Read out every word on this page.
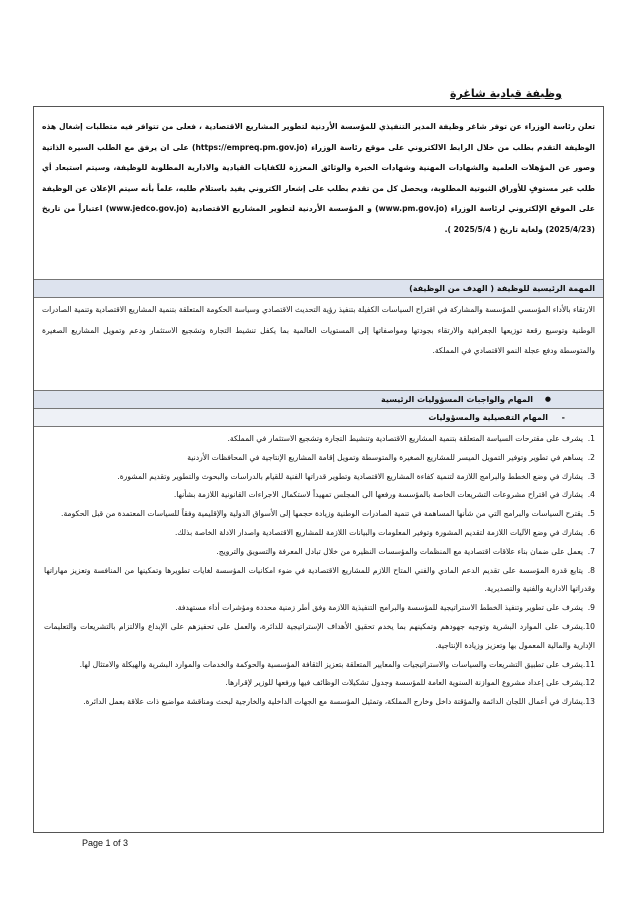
وظيفة قيادية شاغرة
تعلن رئاسة الوزراء عن توفر شاغر وظيفة المدير التنفيذي للمؤسسة الأردنية لتطوير المشاريع الاقتصادية ، فعلى من تتوافر فيه متطلبات إشغال هذه الوظيفة التقدم بطلب من خلال الرابط الالكتروني على موقع رئاسة الوزراء (https://empreq.pm.gov.jo) على ان يرفق مع الطلب السيرة الذاتية وصور عن المؤهلات العلمية والشهادات المهنية وشهادات الخبرة والوثائق المعززة للكفايات القيادية والادارية المطلوبة للوظيفة، وسيتم استبعاد أي طلب غير مستوفٍ للأوراق الثبوتية المطلوبة، ويحصل كل من تقدم بطلب على إشعار الكتروني يفيد باستلام طلبه، علماً بأنه سيتم الإعلان عن الوظيفة على الموقع الإلكتروني لرئاسة الوزراء (www.pm.gov.jo) و المؤسسة الأردنية لتطوير المشاريع الاقتصادية (www.jedco.gov.jo) اعتباراً من تاريخ (2025/4/23) ولغاية تاريخ ( 2025/5/4 ).
المهمة الرئيسية للوظيفة ( الهدف من الوظيفة)
الارتقاء بالأداء المؤسسي للمؤسسة والمشاركة في اقتراح السياسات الكفيلة بتنفيذ رؤية التحديث الاقتصادي وسياسة الحكومة المتعلقة بتنمية المشاريع الاقتصادية وتنمية الصادرات الوطنية وتوسيع رقعة توزيعها الجغرافية والارتقاء بجودتها ومواصفاتها إلى المستويات العالمية بما يكفل تنشيط التجارة وتشجيع الاستثمار ودعم وتمويل المشاريع الصغيرة والمتوسطة ودفع عجلة النمو الاقتصادي في المملكة.
● المهام والواجبات المسؤوليات الرئيسية
- المهام التفصيلية والمسؤوليات
1.يشرف على مقترحات السياسة المتعلقة بتنمية المشاريع الاقتصادية وتنشيط التجارة وتشجيع الاستثمار في المملكة.
2.يساهم في تطوير وتوفير التمويل الميسر للمشاريع الصغيرة والمتوسطة وتمويل إقامة المشاريع الإنتاجية في المحافظات الأردنية
3.يشارك في وضع الخطط والبرامج اللازمة لتنمية كفاءة المشاريع الاقتصادية وتطوير قدراتها الفنية للقيام بالدراسات والبحوث والتطوير وتقديم المشورة.
4.يشارك في اقتراح مشروعات التشريعات الخاصة بالمؤسسة ورفعها الى المجلس تمهيداً لاستكمال الاجراءات القانونية اللازمة بشأنها.
5.يقترح السياسات والبرامج التي من شأنها المساهمة في تنمية الصادرات الوطنية وزيادة حجمها إلى الأسواق الدولية والإقليمية وفقاً للسياسات المعتمدة من قبل الحكومة.
6.يشارك في وضع الآليات اللازمة لتقديم المشورة وتوفير المعلومات والبيانات اللازمة للمشاريع الاقتصادية واصدار الادلة الخاصة بذلك.
7.يعمل على ضمان بناء علاقات اقتصادية مع المنظمات والمؤسسات النظيرة من خلال تبادل المعرفة والتسويق والترويج.
8.يتابع قدرة المؤسسة على تقديم الدعم المادي والفني المتاح اللازم للمشاريع الاقتصادية في ضوء امكانيات المؤسسة لغايات تطويرها وتمكينها من المنافسة وتعزيز مهاراتها وقدراتها الادارية والفنية والتصديرية.
9.يشرف على تطوير وتنفيذ الخطط الاستراتيجية للمؤسسة والبرامج التنفيذية اللازمة وفق أطر زمنية محددة ومؤشرات أداء مستهدفة.
10.يشرف على الموارد البشرية وتوجيه جهودهم وتمكينهم بما يخدم تحقيق الأهداف الإستراتيجية للدائرة، والعمل على تحفيزهم على الإبداع والالتزام بالتشريعات والتعليمات الإدارية والمالية المعمول بها وتعزيز وزيادة الإنتاجية.
11.يشرف على تطبيق التشريعات والسياسات والاستراتيجيات والمعايير المتعلقة بتعزيز الثقافة المؤسسية والحوكمة والخدمات والموارد البشرية والهيكلة والامتثال لها.
12.يشرف على إعداد مشروع الموازنة السنوية العامة للمؤسسة وجدول تشكيلات الوظائف فيها ورفعها للوزير لإقرارها.
13.يشارك في أعمال اللجان الدائمة والمؤقتة داخل وخارج المملكة، وتمثيل المؤسسة مع الجهات الداخلية والخارجية لبحث ومناقشة مواضيع ذات علاقة بعمل الدائرة.
Page 1 of 3
